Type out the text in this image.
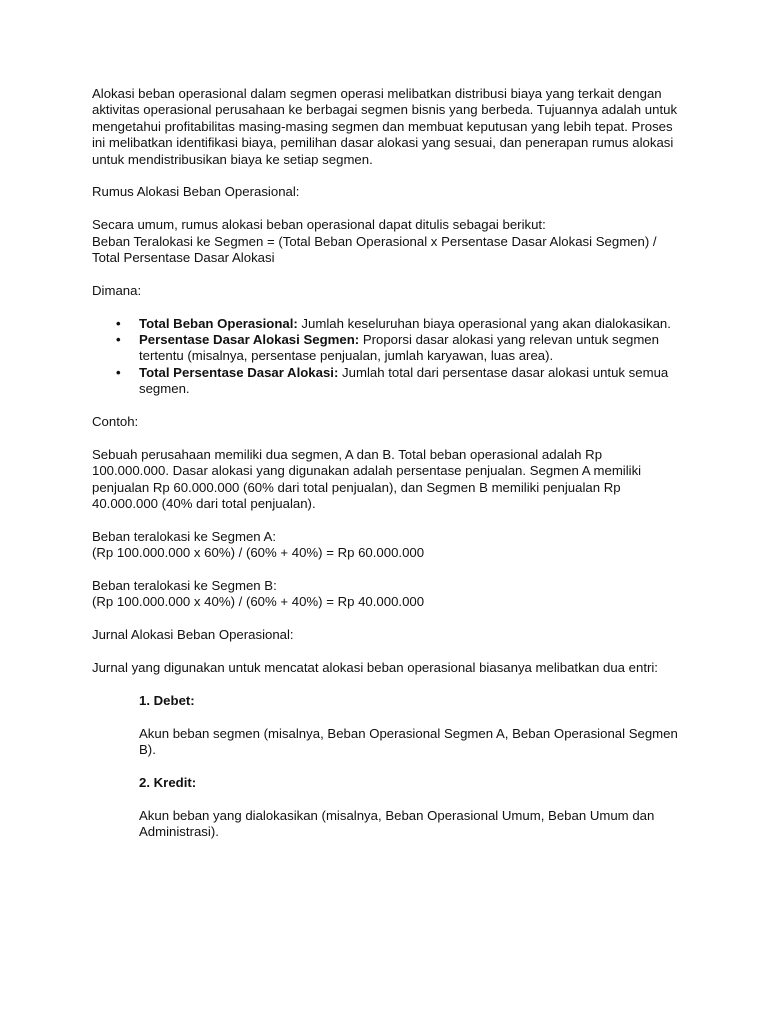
Alokasi beban operasional dalam segmen operasi melibatkan distribusi biaya yang terkait dengan aktivitas operasional perusahaan ke berbagai segmen bisnis yang berbeda. Tujuannya adalah untuk mengetahui profitabilitas masing-masing segmen dan membuat keputusan yang lebih tepat. Proses ini melibatkan identifikasi biaya, pemilihan dasar alokasi yang sesuai, dan penerapan rumus alokasi untuk mendistribusikan biaya ke setiap segmen.

Rumus Alokasi Beban Operasional:

Secara umum, rumus alokasi beban operasional dapat ditulis sebagai berikut:
Beban Teralokasi ke Segmen = (Total Beban Operasional x Persentase Dasar Alokasi Segmen) / Total Persentase Dasar Alokasi

Dimana:

• Total Beban Operasional: Jumlah keseluruhan biaya operasional yang akan dialokasikan.
• Persentase Dasar Alokasi Segmen: Proporsi dasar alokasi yang relevan untuk segmen tertentu (misalnya, persentase penjualan, jumlah karyawan, luas area).
• Total Persentase Dasar Alokasi: Jumlah total dari persentase dasar alokasi untuk semua segmen.

Contoh:

Sebuah perusahaan memiliki dua segmen, A dan B. Total beban operasional adalah Rp 100.000.000. Dasar alokasi yang digunakan adalah persentase penjualan. Segmen A memiliki penjualan Rp 60.000.000 (60% dari total penjualan), dan Segmen B memiliki penjualan Rp 40.000.000 (40% dari total penjualan).

Beban teralokasi ke Segmen A:
(Rp 100.000.000 x 60%) / (60% + 40%) = Rp 60.000.000

Beban teralokasi ke Segmen B:
(Rp 100.000.000 x 40%) / (60% + 40%) = Rp 40.000.000

Jurnal Alokasi Beban Operasional:

Jurnal yang digunakan untuk mencatat alokasi beban operasional biasanya melibatkan dua entri:

1. Debet:

Akun beban segmen (misalnya, Beban Operasional Segmen A, Beban Operasional Segmen B).

2. Kredit:

Akun beban yang dialokasikan (misalnya, Beban Operasional Umum, Beban Umum dan Administrasi).
